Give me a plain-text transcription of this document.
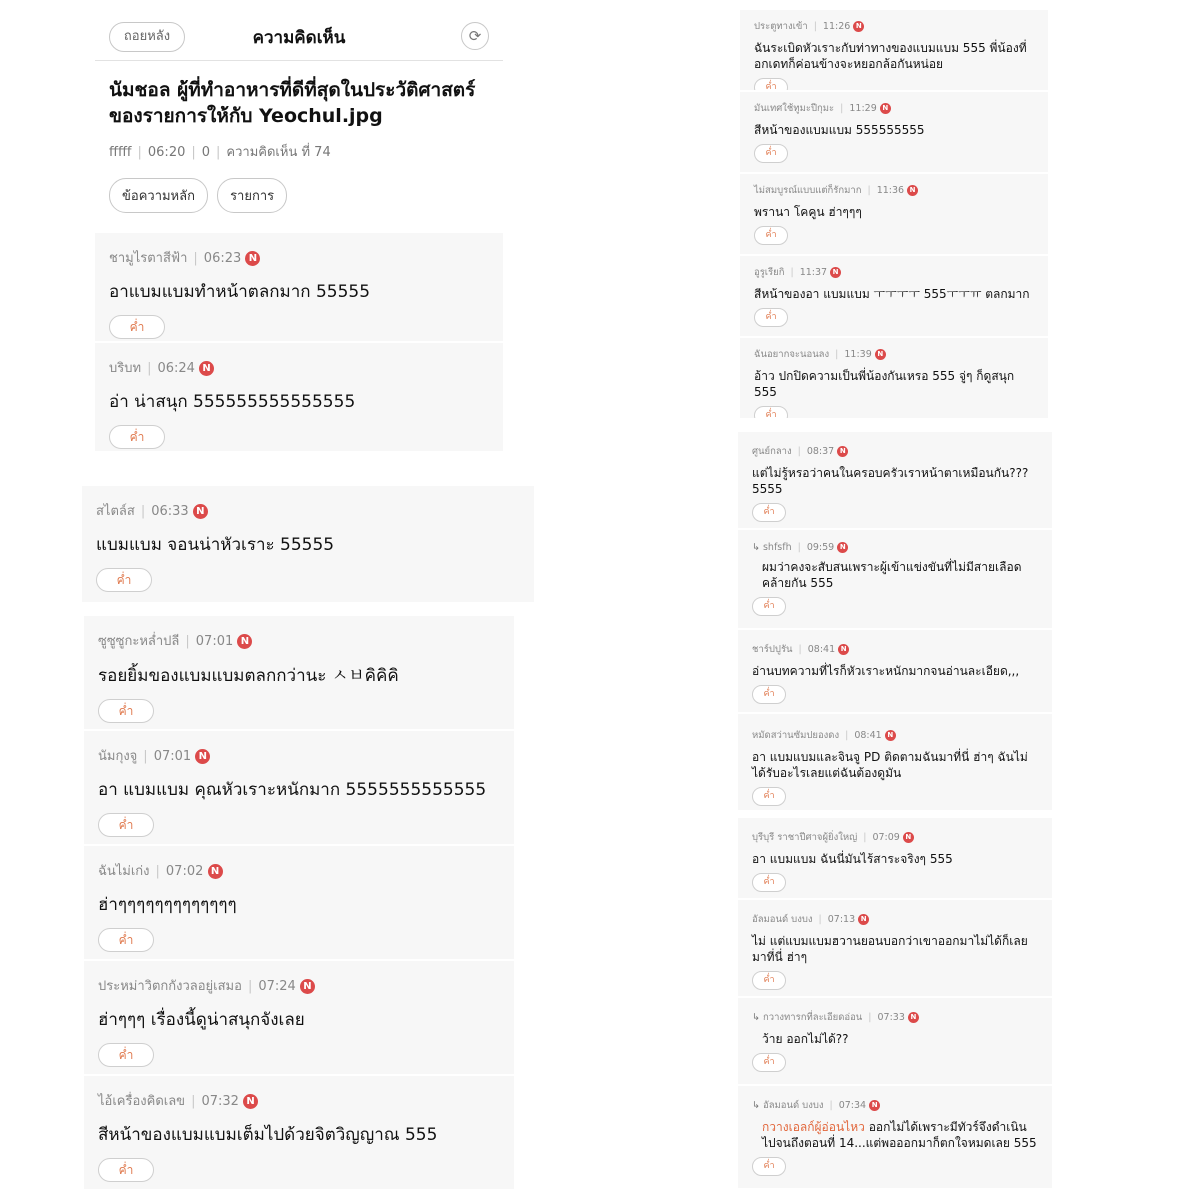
ถอยหลัง	ความคิดเห็น	⟳
นัมชอล ผู้ที่ทำอาหารที่ดีที่สุดในประวัติศาสตร์ของรายการให้กับ Yeochul.jpg
fffff | 06:20 | 0 | ความคิดเห็น ที่ 74
ข้อความหลัก	รายการ
ชามูไรตาสีฟ้า | 06:23 N
อาแบมแบมทำหน้าตลกมาก 55555
ค่ำ
บริบท | 06:24 N
อ่า น่าสนุก 555555555555555
ค่ำ
สไตล์ส | 06:33 N
แบมแบม จอนน่าหัวเราะ 55555
ค่ำ
ซูซูซูกะหล่ำปลี | 07:01 N
รอยยิ้มของแบมแบมตลกกว่านะ ㅅㅂคิคิคิ
ค่ำ
นัมกุงจู | 07:01 N
อา แบมแบม คุณหัวเราะหนักมาก 5555555555555
ค่ำ
ฉันไม่เก่ง | 07:02 N
ฮ่าๆๆๆๆๆๆๆๆๆๆๆๆๆ
ค่ำ
ประหม่าวิตกกังวลอยู่เสมอ | 07:24 N
ฮ่าๆๆๆ เรื่องนี้ดูน่าสนุกจังเลย
ค่ำ
ไอ้เครื่องคิดเลข | 07:32 N
สีหน้าของแบมแบมเต็มไปด้วยจิตวิญญาณ 555
ค่ำ
ประตูทางเข้า | 11:26 N
ฉันระเบิดหัวเราะกับท่าทางของแบมแบม 555 พี่น้องที่อกเดทก็ค่อนข้างจะหยอกล้อกันหน่อย
ค่ำ
มันเทศใช้ทูมะปีกุมะ | 11:29 N
สีหน้าของแบมแบม 555555555
ค่ำ
ไม่สมบูรณ์แบบแต่ก็รักมาก | 11:36 N
พรานา โคคูน ฮ่าๆๆๆ
ค่ำ
อูรูเรียกิ | 11:37 N
สีหน้าของอา แบมแบม ㅜㅜㅜㅜ 555ㅜㅜㅠ ตลกมาก
ค่ำ
ฉันอยากจะนอนลง | 11:39 N
อ้าว ปกปิดความเป็นพี่น้องกันเหรอ 555 จู่ๆ ก็ดูสนุก 555
ค่ำ
ศูนย์กลาง | 08:37 N
แต่ไม่รู้หรอว่าคนในครอบครัวเราหน้าตาเหมือนกัน??? 5555
ค่ำ
↳ shfsfh | 09:59 N
ผมว่าคงจะสับสนเพราะผู้เข้าแข่งขันที่ไม่มีสายเลือดคล้ายกัน 555
ค่ำ
ชาร์ปปูรัน | 08:41 N
อ่านบทความที่ไรก็หัวเราะหนักมากจนอ่านละเอียด,,,
ค่ำ
หมัดสว่านซัมปยองดง | 08:41 N
อา แบมแบมและจินจู PD ติดตามฉันมาที่นี่ ฮ่าๆ ฉันไม่ได้รับอะไรเลยแต่ฉันต้องดูมัน
ค่ำ
บุรีบุรี ราชาปีศาจผู้ยิ่งใหญ่ | 07:09 N
อา แบมแบม ฉันนี่มันไร้สาระจริงๆ 555
ค่ำ
อัลมอนด์ บงบง | 07:13 N
ไม่ แต่แบมแบมฮวานยอนบอกว่าเขาออกมาไม่ได้ก็เลยมาที่นี่ ฮ่าๆ
ค่ำ
↳ กวางทารกที่ละเอียดอ่อน | 07:33 N
ว้าย ออกไม่ได้??
ค่ำ
↳ อัลมอนด์ บงบง | 07:34 N
กวางเอลก์ผู้อ่อนไหว ออกไม่ได้เพราะมีทัวร์จึงดำเนินไปจนถึงตอนที่ 14...แต่พอออกมาก็ตกใจหมดเลย 555
ค่ำ
